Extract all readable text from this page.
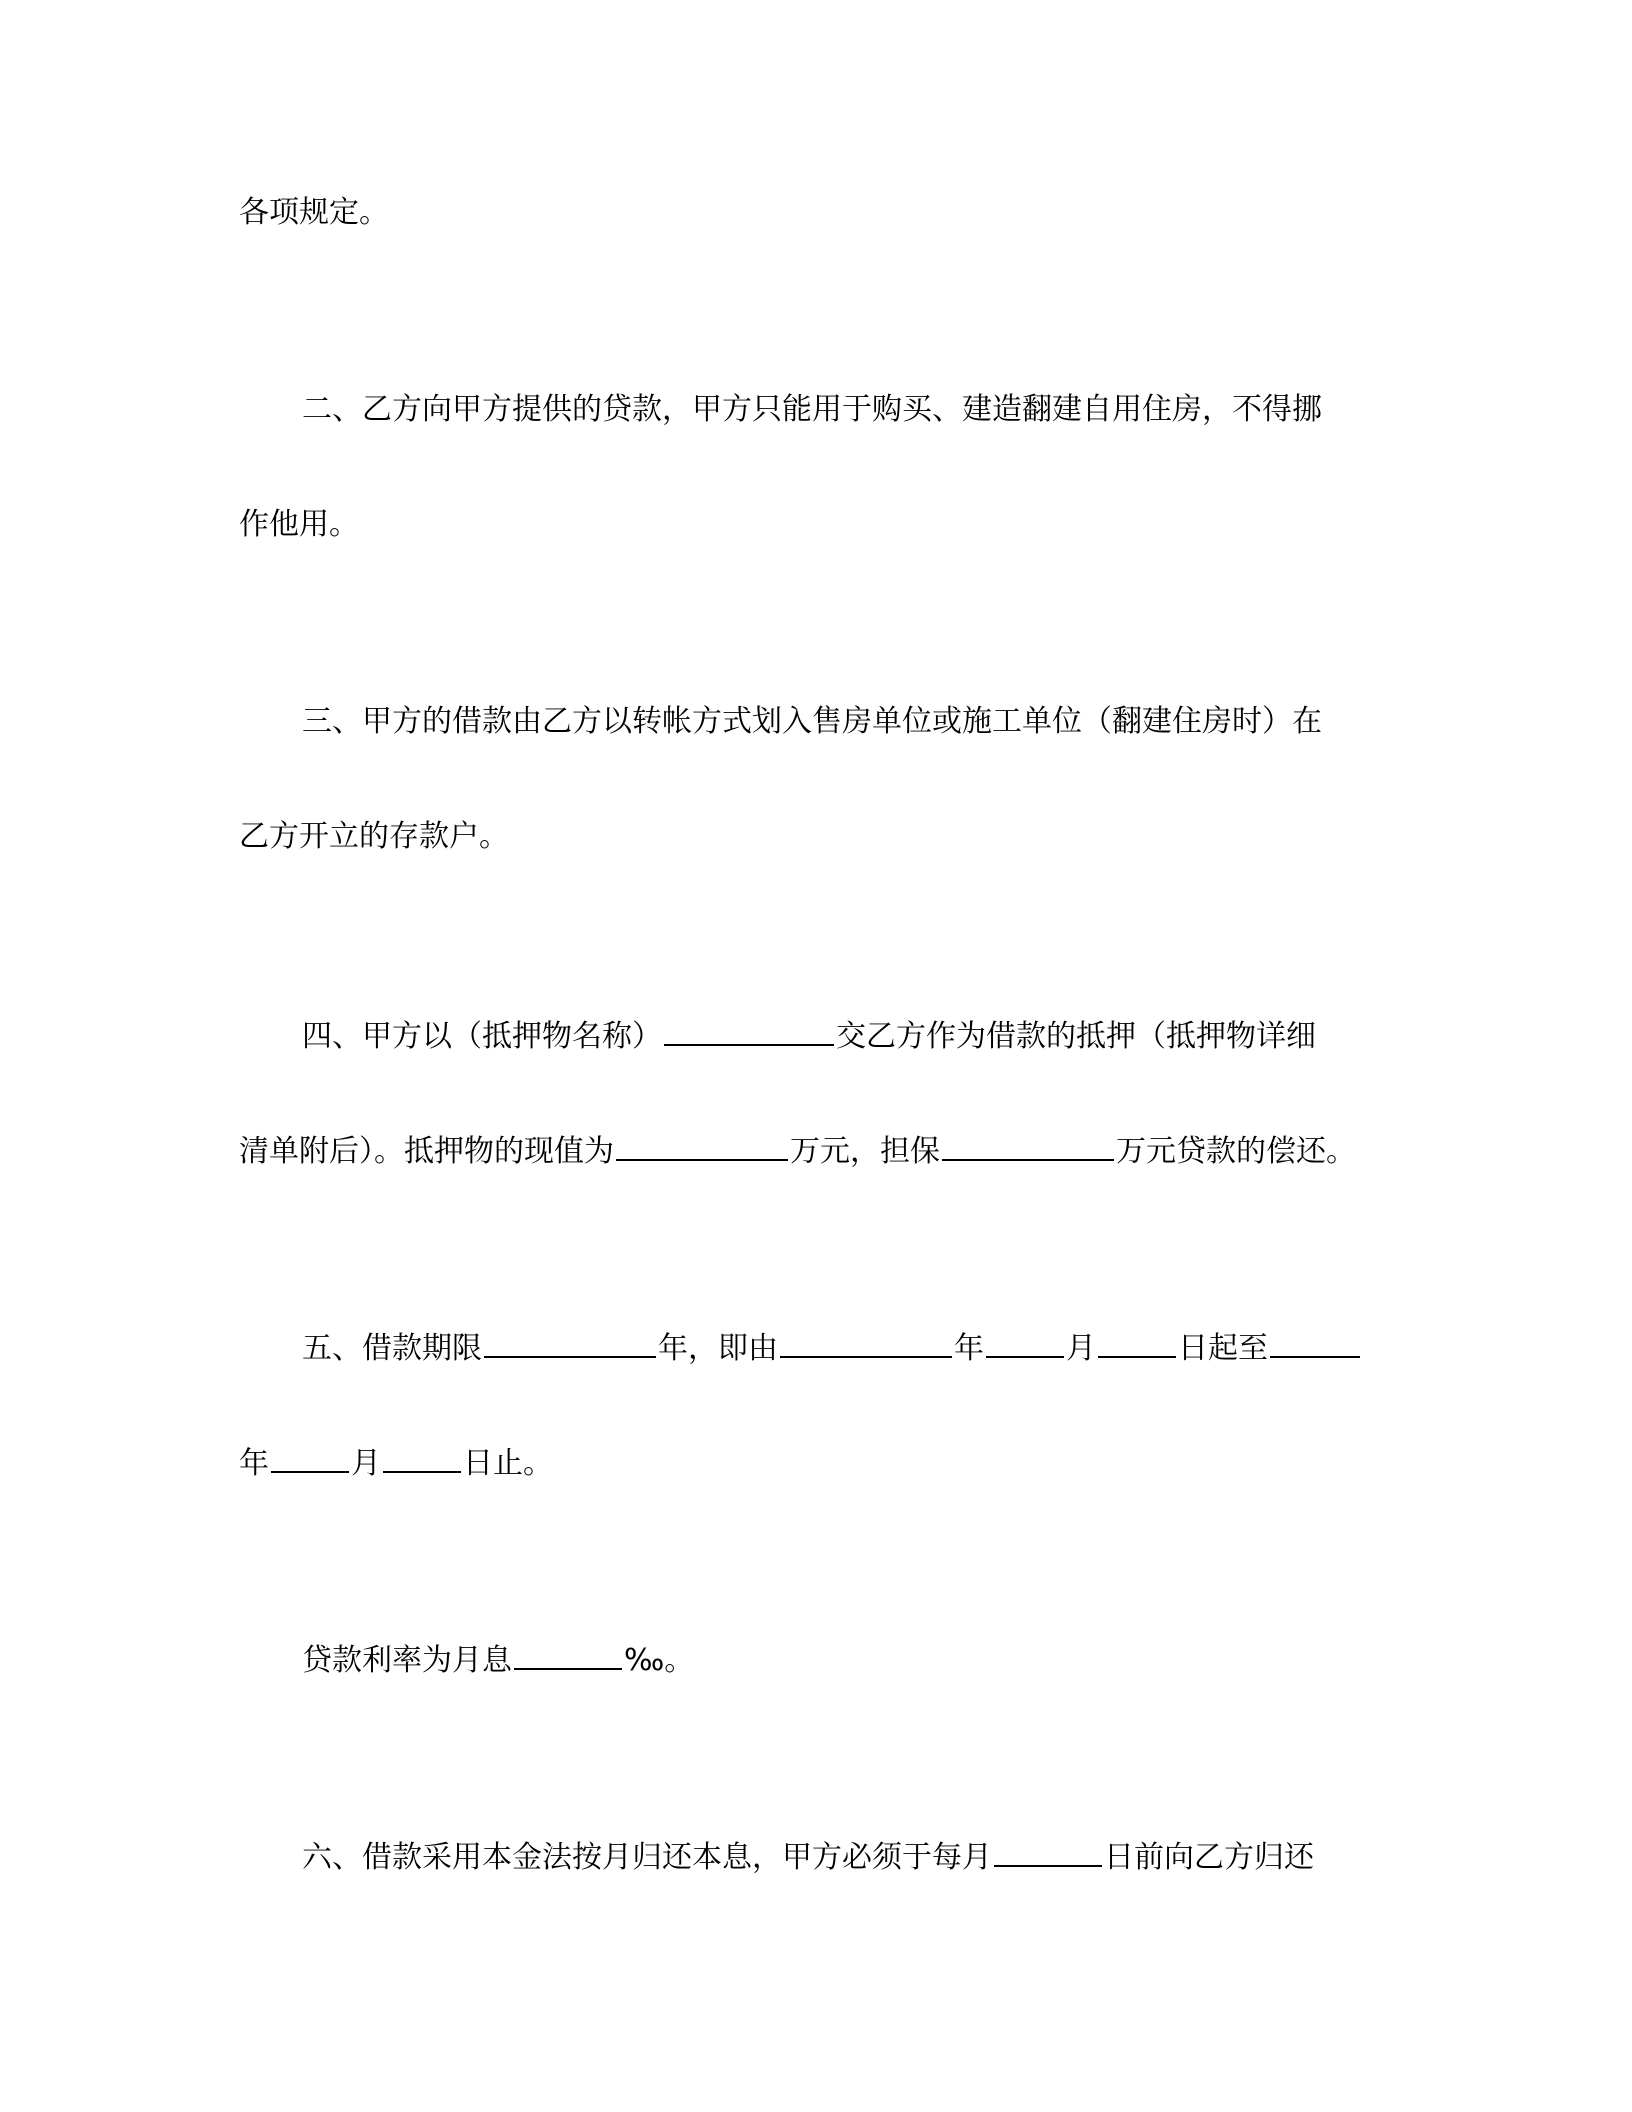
各项规定。
二、乙方向甲方提供的贷款，甲方只能用于购买、建造翻建自用住房，不得挪
作他用。
三、甲方的借款由乙方以转帐方式划入售房单位或施工单位（翻建住房时）在
乙方开立的存款户。
四、甲方以（抵押物名称）	交乙方作为借款的抵押（抵押物详细
清单附后）。抵押物的现值为	万元，担保	万元贷款的偿还。
五、借款期限	年，即由	年	月	日起至
年	月	日止。
贷款利率为月息	‰。
六、借款采用本金法按月归还本息，甲方必须于每月	日前向乙方归还
